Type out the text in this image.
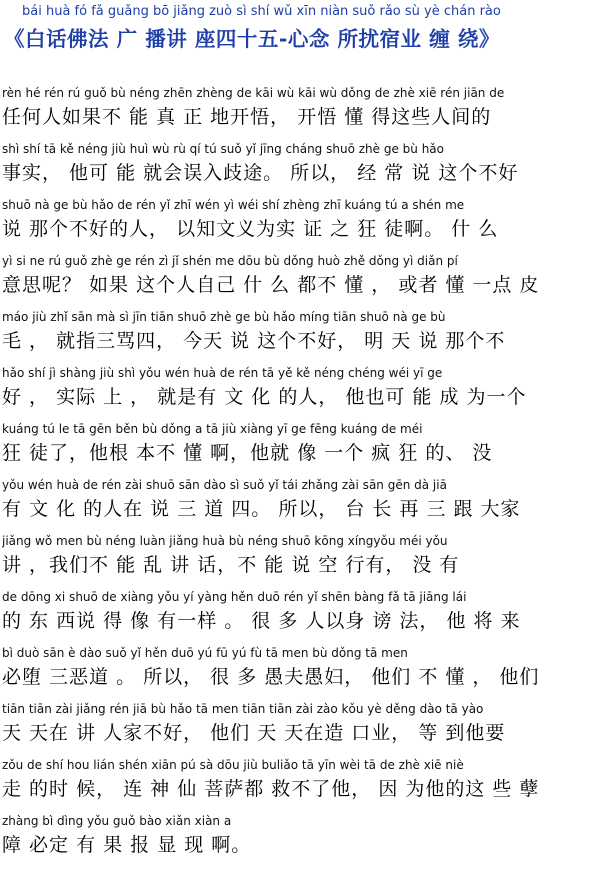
bái huà fó fǎ guǎng bō jiǎng zuò sì shí wǔ xīn niàn suǒ rǎo sù yè chán rào
《白话佛法 广 播讲 座四十五-心念 所扰宿业 缠 绕》
rèn hé rén rú guǒ bù néng zhēn zhèng de kāi wù kāi wù dǒng de zhè xiē rén jiān de
任何人如果不 能 真 正 地开悟， 开悟 懂 得这些人间的
shì shí tā kě néng jiù huì wù rù qí tú suǒ yǐ jīng cháng shuō zhè ge bù hǎo
事实， 他可 能 就会误入歧途。 所以， 经 常 说 这个不好
shuō nà ge bù hǎo de rén yǐ zhī wén yì wéi shí zhèng zhī kuáng tú a shén me
说 那个不好的人， 以知文义为实 证 之 狂 徒啊。 什 么
yì si ne rú guǒ zhè ge rén zì jǐ shén me dōu bù dǒng huò zhě dǒng yì diǎn pí
意思呢？ 如果 这个人自己 什 么 都不 懂 ， 或者 懂 一点 皮
máo jiù zhǐ sān mà sì jīn tiān shuō zhè ge bù hǎo míng tiān shuō nà ge bù
毛 ， 就指三骂四， 今天 说 这个不好， 明 天 说 那个不
hǎo shí jì shàng jiù shì yǒu wén huà de rén tā yě kě néng chéng wéi yī ge
好 ， 实际 上 ， 就是有 文 化 的人， 他也可 能 成 为一个
kuáng tú le tā gēn běn bù dǒng a tā jiù xiàng yī ge fēng kuáng de méi
狂 徒了，他根 本不 懂 啊，他就 像 一个 疯 狂 的、 没
yǒu wén huà de rén zài shuō sān dào sì suǒ yǐ tái zhǎng zài sān gēn dà jiā
有 文 化 的人在 说 三 道 四。 所以， 台 长 再 三 跟 大家
jiǎng wǒ men bù néng luàn jiǎng huà bù néng shuō kōng xíngyǒu méi yǒu
讲 ，我们不 能 乱 讲 话，不 能 说 空 行有， 没 有
de dōng xi shuō de xiàng yǒu yí yàng hěn duō rén yǐ shēn bàng fǎ tā jiāng lái
的 东 西说 得 像 有一样 。 很 多 人以身 谤 法， 他 将 来
bì duò sān è dào suǒ yǐ hěn duō yú fū yú fù tā men bù dǒng tā men
必堕 三恶道 。 所以， 很 多 愚夫愚妇， 他们 不 懂 ， 他们
tiān tiān zài jiǎng rén jiā bù hǎo tā men tiān tiān zài zào kǒu yè děng dào tā yào
天 天在 讲 人家不好， 他们 天 天在造 口业， 等 到他要
zǒu de shí hou lián shén xiān pú sà dōu jiù buliǎo tā yīn wèi tā de zhè xiē niè
走 的时 候， 连 神 仙 菩萨都 救不了他， 因 为他的这 些 孽
zhàng bì dìng yǒu guǒ bào xiǎn xiàn a
障 必定 有 果 报 显 现 啊。
